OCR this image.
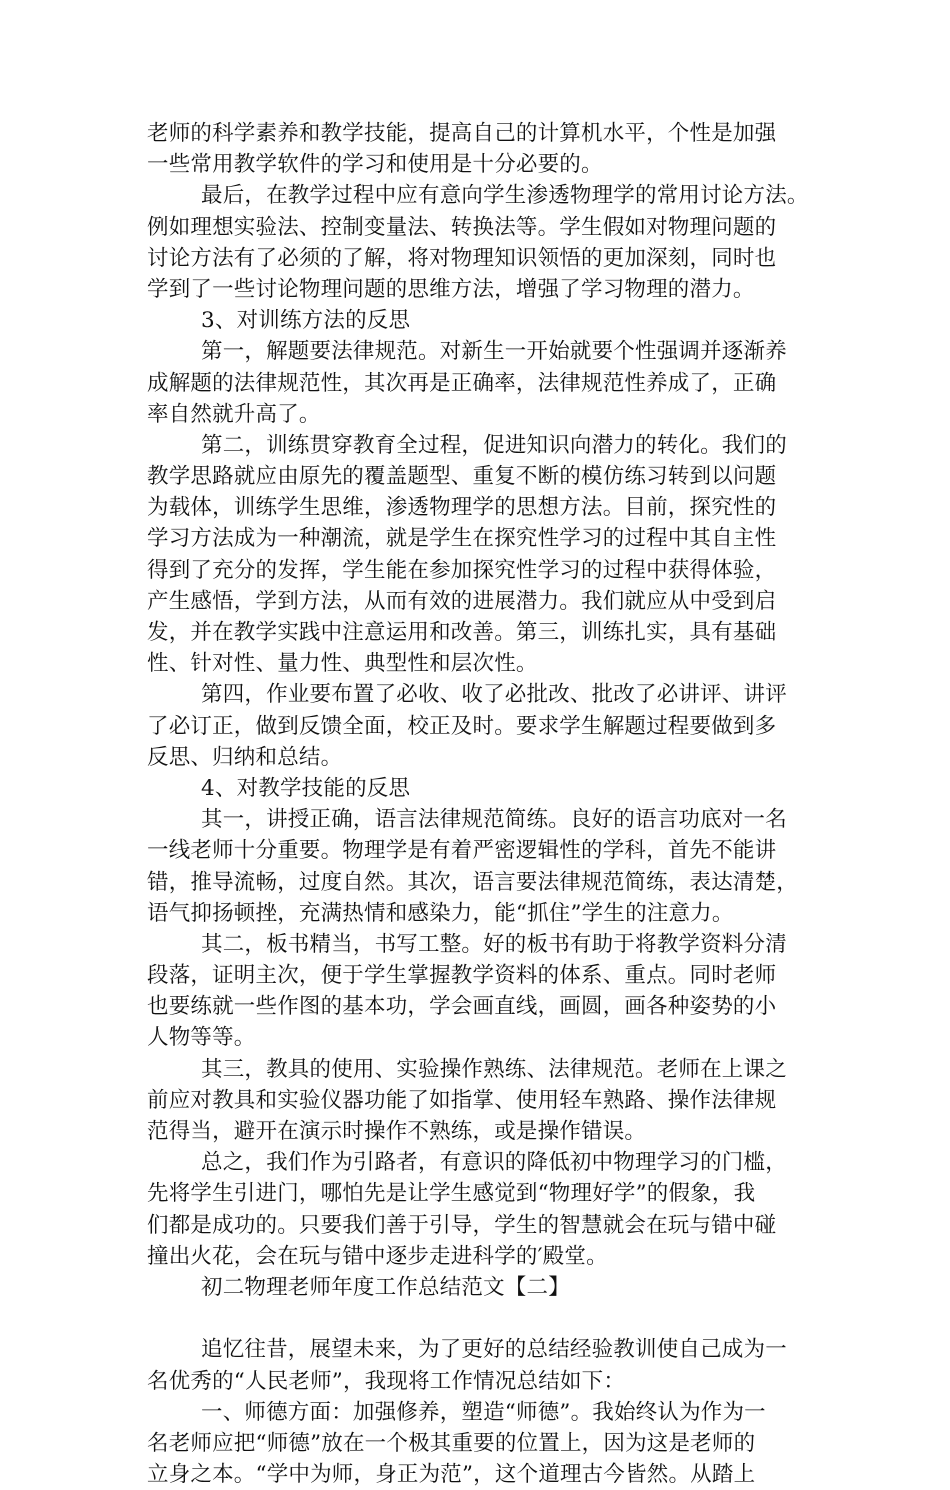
老师的科学素养和教学技能，提高自己的计算机水平，个性是加强
一些常用教学软件的学习和使用是十分必要的。
最后，在教学过程中应有意向学生渗透物理学的常用讨论方法。
例如理想实验法、控制变量法、转换法等。学生假如对物理问题的
讨论方法有了必须的了解，将对物理知识领悟的更加深刻，同时也
学到了一些讨论物理问题的思维方法，增强了学习物理的潜力。
3、对训练方法的反思
第一，解题要法律规范。对新生一开始就要个性强调并逐渐养
成解题的法律规范性，其次再是正确率，法律规范性养成了，正确
率自然就升高了。
第二，训练贯穿教育全过程，促进知识向潜力的转化。我们的
教学思路就应由原先的覆盖题型、重复不断的模仿练习转到以问题
为载体，训练学生思维，渗透物理学的思想方法。目前，探究性的
学习方法成为一种潮流，就是学生在探究性学习的过程中其自主性
得到了充分的发挥，学生能在参加探究性学习的过程中获得体验，
产生感悟，学到方法，从而有效的进展潜力。我们就应从中受到启
发，并在教学实践中注意运用和改善。第三，训练扎实，具有基础
性、针对性、量力性、典型性和层次性。
第四，作业要布置了必收、收了必批改、批改了必讲评、讲评
了必订正，做到反馈全面，校正及时。要求学生解题过程要做到多
反思、归纳和总结。
4、对教学技能的反思
其一，讲授正确，语言法律规范简练。良好的语言功底对一名
一线老师十分重要。物理学是有着严密逻辑性的学科，首先不能讲
错，推导流畅，过度自然。其次，语言要法律规范简练，表达清楚，
语气抑扬顿挫，充满热情和感染力，能“抓住”学生的注意力。
其二，板书精当，书写工整。好的板书有助于将教学资料分清
段落，证明主次，便于学生掌握教学资料的体系、重点。同时老师
也要练就一些作图的基本功，学会画直线，画圆，画各种姿势的小
人物等等。
其三，教具的使用、实验操作熟练、法律规范。老师在上课之
前应对教具和实验仪器功能了如指掌、使用轻车熟路、操作法律规
范得当，避开在演示时操作不熟练，或是操作错误。
总之，我们作为引路者，有意识的降低初中物理学习的门槛，
先将学生引进门，哪怕先是让学生感觉到“物理好学”的假象，我
们都是成功的。只要我们善于引导，学生的智慧就会在玩与错中碰
撞出火花，会在玩与错中逐步走进科学的′殿堂。
初二物理老师年度工作总结范文【二】
追忆往昔，展望未来，为了更好的总结经验教训使自己成为一
名优秀的“人民老师”，我现将工作情况总结如下：
一、师德方面：加强修养，塑造“师德”。我始终认为作为一
名老师应把“师德”放在一个极其重要的位置上，因为这是老师的
立身之本。“学中为师，身正为范”，这个道理古今皆然。从踏上
